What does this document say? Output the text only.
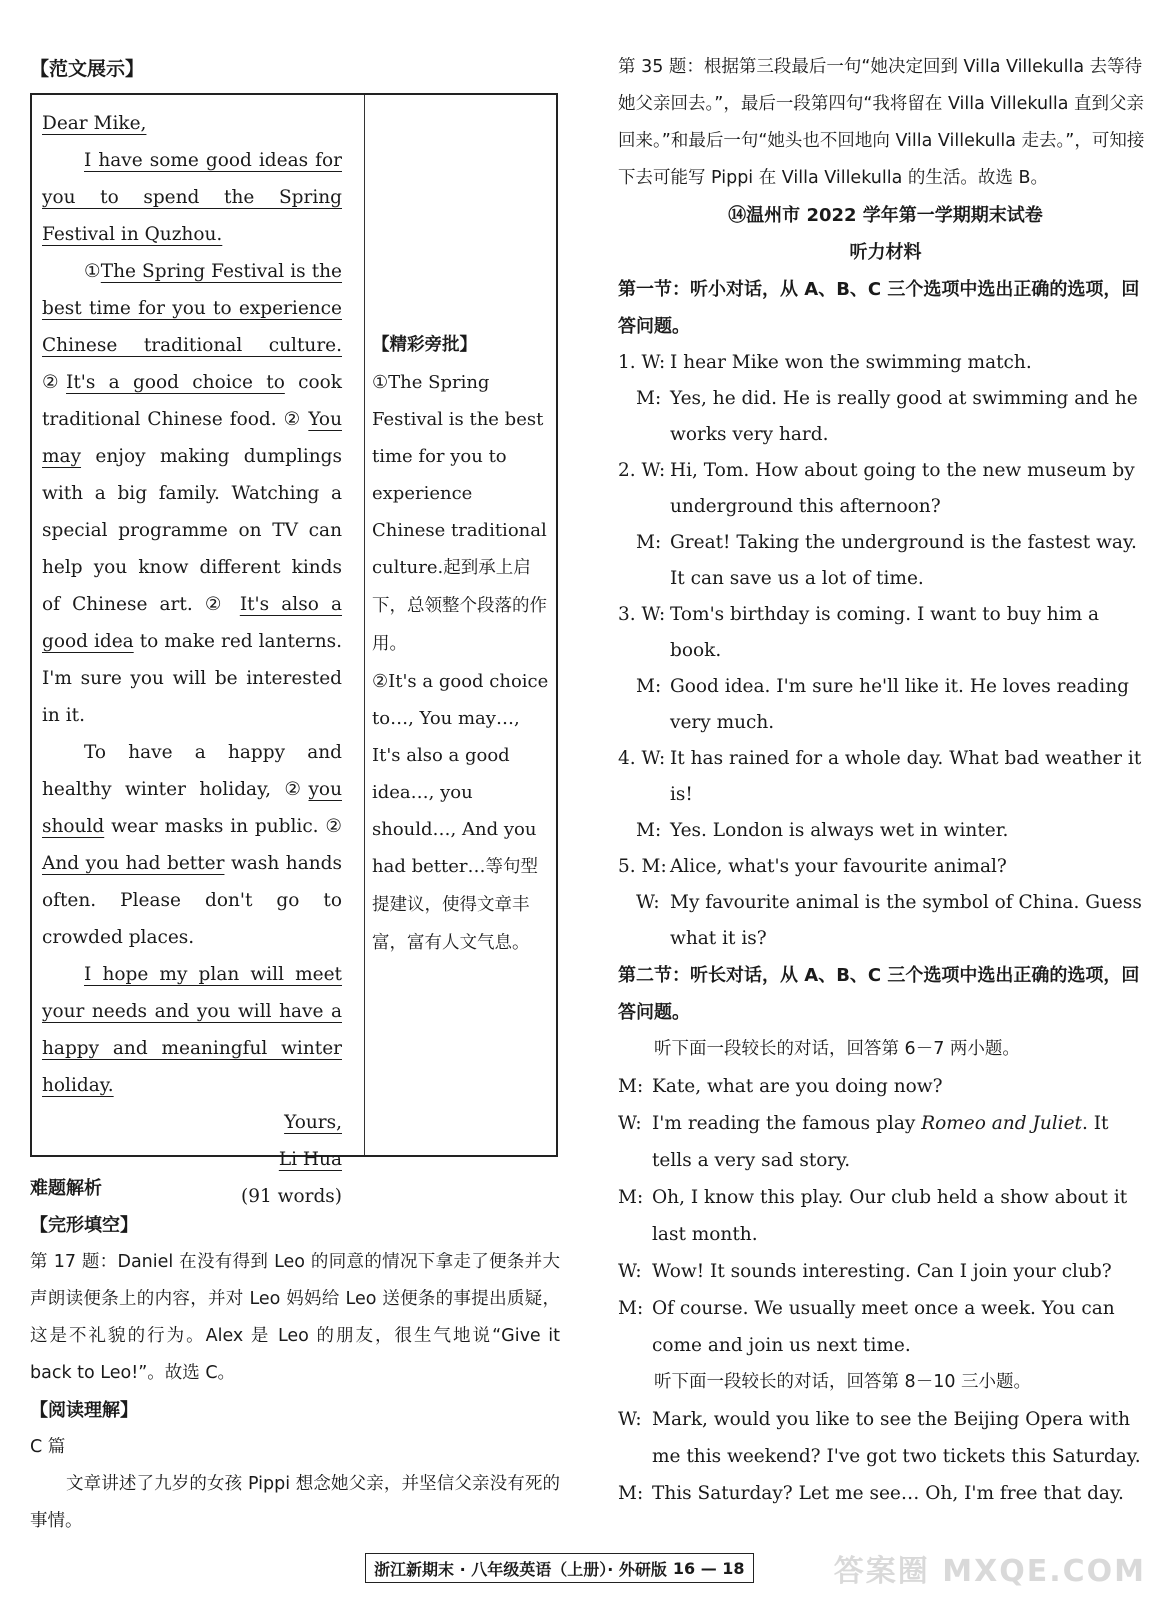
【范文展示】
Dear Mike,
I have some good ideas for you to spend the Spring Festival in Quzhou.
①The Spring Festival is the best time for you to experience Chinese traditional culture. ②It's a good choice to cook traditional Chinese food. ② You may enjoy making dumplings with a big family. Watching a special programme on TV can help you know different kinds of Chinese art. ② It's also a good idea to make red lanterns. I'm sure you will be interested in it.
To have a happy and healthy winter holiday, ②you should wear masks in public. ② And you had better wash hands often. Please don't go to crowded places.
I hope my plan will meet your needs and you will have a happy and meaningful winter holiday.
Yours,
Li Hua
(91 words)
【精彩旁批】
①The Spring Festival is the best time for you to experience Chinese traditional culture.起到承上启下，总领整个段落的作用。
②It's a good choice to…, You may…, It's also a good idea…, you should…, And you had better…等句型提建议，使得文章丰富，富有人文气息。
难题解析
【完形填空】
第 17 题：Daniel 在没有得到 Leo 的同意的情况下拿走了便条并大声朗读便条上的内容，并对 Leo 妈妈给 Leo 送便条的事提出质疑，这是不礼貌的行为。Alex 是 Leo 的朋友，很生气地说“Give it back to Leo!”。故选 C。
【阅读理解】
C 篇
文章讲述了九岁的女孩 Pippi 想念她父亲，并坚信父亲没有死的事情。
第 35 题：根据第三段最后一句“她决定回到 Villa Villekulla 去等待她父亲回去。”，最后一段第四句“我将留在 Villa Villekulla 直到父亲回来。”和最后一句“她头也不回地向 Villa Villekulla 走去。”，可知接下去可能写 Pippi 在 Villa Villekulla 的生活。故选 B。
⑭温州市 2022 学年第一学期期末试卷
听力材料
第一节：听小对话，从 A、B、C 三个选项中选出正确的选项，回答问题。
1. W: I hear Mike won the swimming match.
M: Yes, he did. He is really good at swimming and he works very hard.
2. W: Hi, Tom. How about going to the new museum by underground this afternoon?
M: Great! Taking the underground is the fastest way. It can save us a lot of time.
3. W: Tom's birthday is coming. I want to buy him a book.
M: Good idea. I'm sure he'll like it. He loves reading very much.
4. W: It has rained for a whole day. What bad weather it is!
M: Yes. London is always wet in winter.
5. M: Alice, what's your favourite animal?
W: My favourite animal is the symbol of China. Guess what it is?
第二节：听长对话，从 A、B、C 三个选项中选出正确的选项，回答问题。
听下面一段较长的对话，回答第 6－7 两小题。
M: Kate, what are you doing now?
W: I'm reading the famous play Romeo and Juliet. It tells a very sad story.
M: Oh, I know this play. Our club held a show about it last month.
W: Wow! It sounds interesting. Can I join your club?
M: Of course. We usually meet once a week. You can come and join us next time.
听下面一段较长的对话，回答第 8－10 三小题。
W: Mark, would you like to see the Beijing Opera with me this weekend? I've got two tickets this Saturday.
M: This Saturday? Let me see… Oh, I'm free that day.
浙江新期末 · 八年级英语（上册）· 外研版 16 — 18	答案圈 MXQE.COM
